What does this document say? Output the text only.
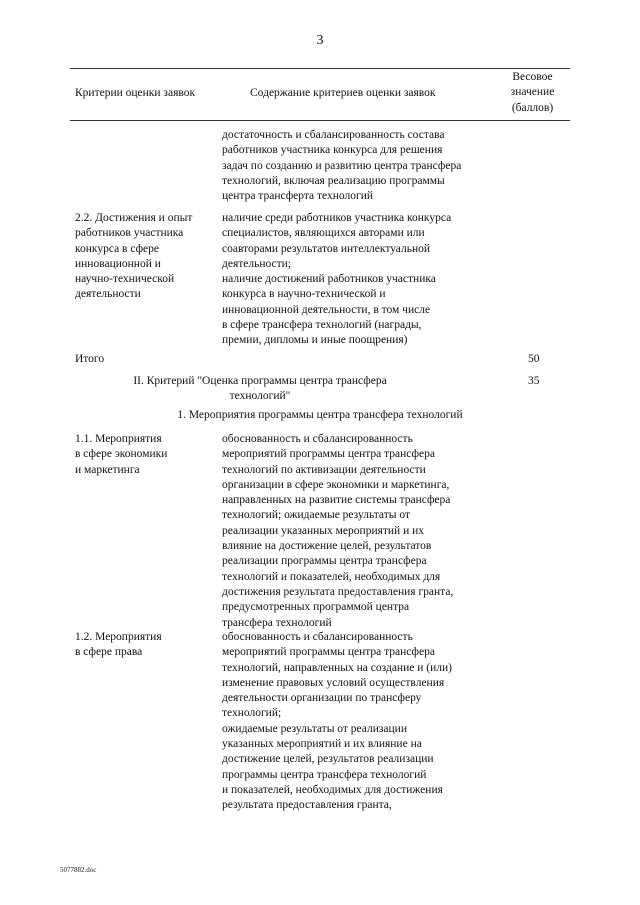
3
Критерии оценки заявок	Содержание критериев оценки заявок
Весовое
значение
(баллов)
достаточность и сбалансированность состава
работников участника конкурса для решения
задач по созданию и развитию центра трансфера
технологий, включая реализацию программы
центра трансферта технологий
2.2. Достижения и опыт
работников участника
конкурса в сфере
инновационной и
научно-технической
деятельности
наличие среди работников участника конкурса
специалистов, являющихся авторами или
соавторами результатов интеллектуальной
деятельности;
наличие достижений работников участника
конкурса в научно-технической и
инновационной деятельности, в том числе
в сфере трансфера технологий (награды,
премии, дипломы и иные поощрения)
Итого	50
II. Критерий "Оценка программы центра трансфера
технологий"
35
1. Мероприятия программы центра трансфера технологий
1.1. Мероприятия
в сфере экономики
и маркетинга
обоснованность и сбалансированность
мероприятий программы центра трансфера
технологий по активизации деятельности
организации в сфере экономики и маркетинга,
направленных на развитие системы трансфера
технологий; ожидаемые результаты от
реализации указанных мероприятий и их
влияние на достижение целей, результатов
реализации программы центра трансфера
технологий и показателей, необходимых для
достижения результата предоставления гранта,
предусмотренных программой центра
трансфера технологий
1.2. Мероприятия
в сфере права
обоснованность и сбалансированность
мероприятий программы центра трансфера
технологий, направленных на создание и (или)
изменение правовых условий осуществления
деятельности организации по трансферу
технологий;
ожидаемые результаты от реализации
указанных мероприятий и их влияние на
достижение целей, результатов реализации
программы центра трансфера технологий
и показателей, необходимых для достижения
результата предоставления гранта,
5077882.doc
